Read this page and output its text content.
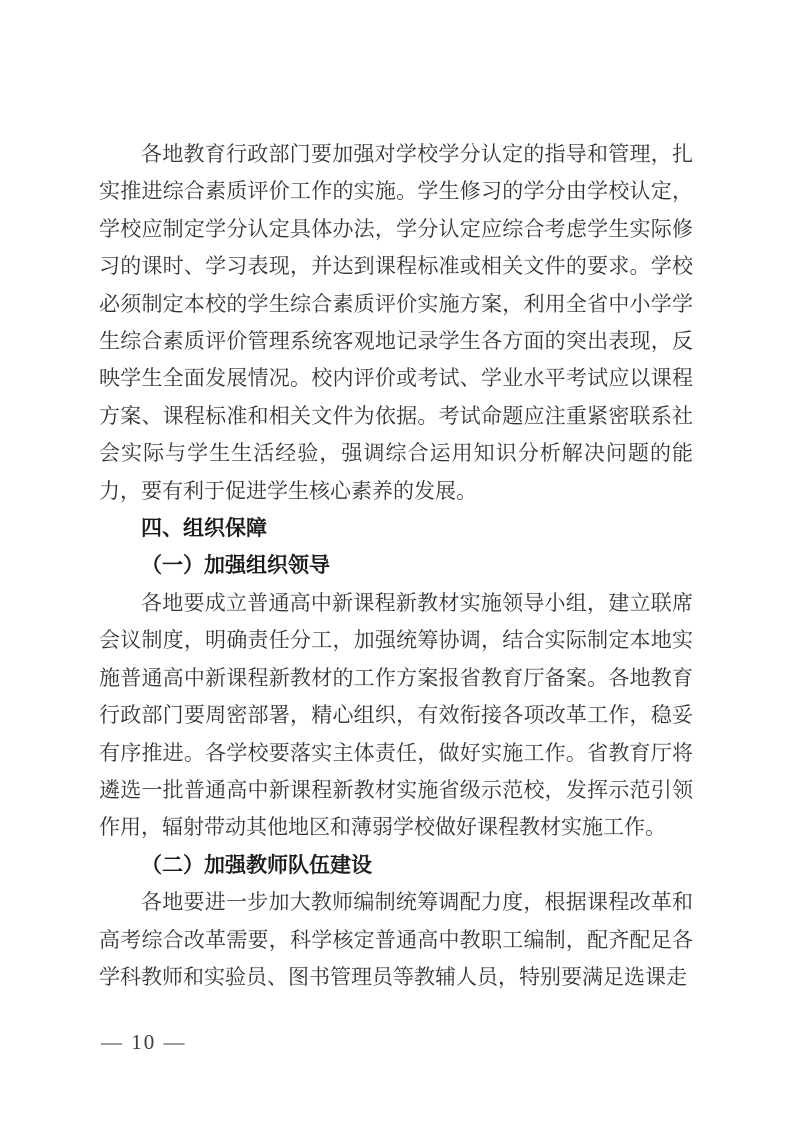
各地教育行政部门要加强对学校学分认定的指导和管理，扎实推进综合素质评价工作的实施。学生修习的学分由学校认定，学校应制定学分认定具体办法，学分认定应综合考虑学生实际修习的课时、学习表现，并达到课程标准或相关文件的要求。学校必须制定本校的学生综合素质评价实施方案，利用全省中小学学生综合素质评价管理系统客观地记录学生各方面的突出表现，反映学生全面发展情况。校内评价或考试、学业水平考试应以课程方案、课程标准和相关文件为依据。考试命题应注重紧密联系社会实际与学生生活经验，强调综合运用知识分析解决问题的能力，要有利于促进学生核心素养的发展。

四、组织保障
（一）加强组织领导

各地要成立普通高中新课程新教材实施领导小组，建立联席会议制度，明确责任分工，加强统筹协调，结合实际制定本地实施普通高中新课程新教材的工作方案报省教育厅备案。各地教育行政部门要周密部署，精心组织，有效衔接各项改革工作，稳妥有序推进。各学校要落实主体责任，做好实施工作。省教育厅将遴选一批普通高中新课程新教材实施省级示范校，发挥示范引领作用，辐射带动其他地区和薄弱学校做好课程教材实施工作。

（二）加强教师队伍建设

各地要进一步加大教师编制统筹调配力度，根据课程改革和高考综合改革需要，科学核定普通高中教职工编制，配齐配足各学科教师和实验员、图书管理员等教辅人员，特别要满足选课走

— 10 —
